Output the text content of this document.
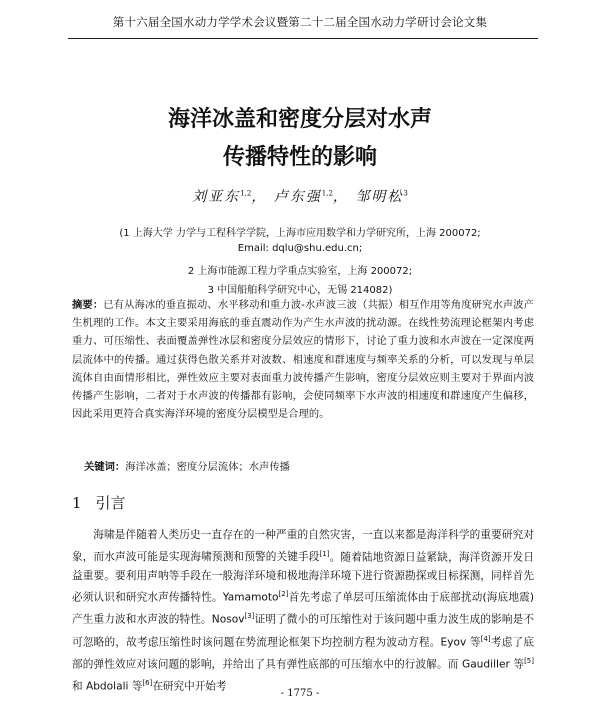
第十六届全国水动力学学术会议暨第二十二届全国水动力学研讨会论文集
海洋冰盖和密度分层对水声
传播特性的影响
刘亚东$^{1,2}$， 卢东强$^{1,2}$， 邹明松$^3$
(1 上海大学 力学与工程科学学院，上海市应用数学和力学研究所，上海 200072;
Email: dqlu@shu.edu.cn;
2 上海市能源工程力学重点实验室，上海 200072;
3 中国船舶科学研究中心，无锡 214082)
摘要：已有从海冰的垂直振动、水平移动和重力波-水声波三波（共振）相互作用等角度研究水声波产生机理的工作。本文主要采用海底的垂直震动作为产生水声波的扰动源。在线性势流理论框架内考虑重力、可压缩性、表面覆盖弹性冰层和密度分层效应的情形下，讨论了重力波和水声波在一定深度两层流体中的传播。通过获得色散关系并对波数、相速度和群速度与频率关系的分析，可以发现与单层流体自由面情形相比，弹性效应主要对表面重力波传播产生影响，密度分层效应则主要对于界面内波传播产生影响，二者对于水声波的传播都有影响，会使同频率下水声波的相速度和群速度产生偏移，因此采用更符合真实海洋环境的密度分层模型是合理的。
关键词：海洋冰盖；密度分层流体；水声传播
1 引言
海啸是伴随着人类历史一直存在的一种严重的自然灾害，一直以来都是海洋科学的重要研究对象，而水声波可能是实现海啸预测和预警的关键手段[1]。随着陆地资源日益紧缺，海洋资源开发日益重要。要利用声呐等手段在一般海洋环境和极地海洋环境下进行资源勘探或目标探测，同样首先必须认识和研究水声传播特性。Yamamoto[2]首先考虑了单层可压缩流体由于底部扰动(海底地震)产生重力波和水声波的特性。Nosov[3]证明了微小的可压缩性对于该问题中重力波生成的影响是不可忽略的，故考虑压缩性时该问题在势流理论框架下均控制方程为波动方程。Eyov 等[4]考虑了底部的弹性效应对该问题的影响，并给出了具有弹性底部的可压缩水中的行波解。而 Gaudiller 等[5]和 Abdolali 等[6]在研究中开始考
- 1775 -
